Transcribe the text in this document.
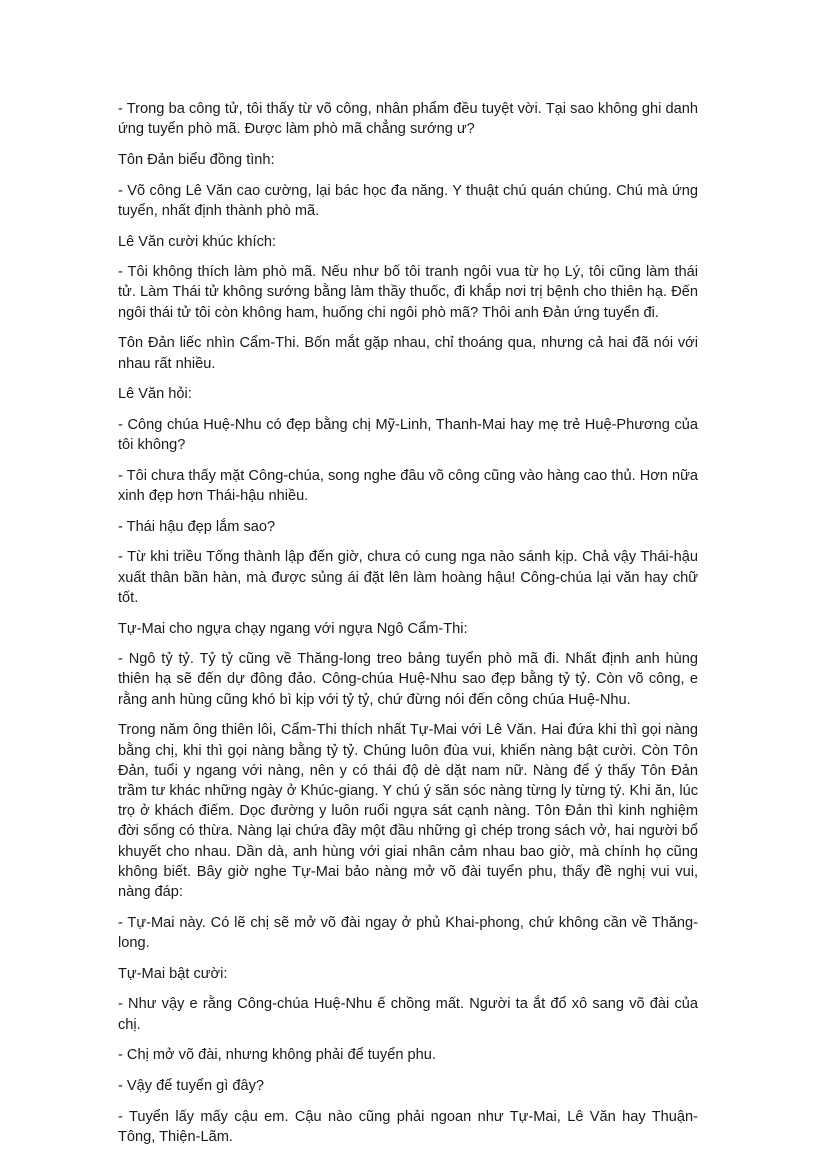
- Trong ba công tử, tôi thấy từ võ công, nhân phẩm đều tuyệt vời. Tại sao không ghi danh ứng tuyển phò mã. Được làm phò mã chẳng sướng ư?

Tôn Đản biểu đồng tình:

- Võ công Lê Văn cao cường, lại bác học đa năng. Y thuật chú quán chúng. Chú mà ứng tuyển, nhất định thành phò mã.

Lê Văn cười khúc khích:

- Tôi không thích làm phò mã. Nếu như bố tôi tranh ngôi vua từ họ Lý, tôi cũng làm thái tử. Làm Thái tử không sướng bằng làm thầy thuốc, đi khắp nơi trị bệnh cho thiên hạ. Đến ngôi thái tử tôi còn không ham, huống chi ngôi phò mã? Thôi anh Đản ứng tuyển đi.

Tôn Đản liếc nhìn Cẩm-Thi. Bốn mắt gặp nhau, chỉ thoáng qua, nhưng cả hai đã nói với nhau rất nhiều.

Lê Văn hỏi:

- Công chúa Huệ-Nhu có đẹp bằng chị Mỹ-Linh, Thanh-Mai hay mẹ trẻ Huệ-Phương của tôi không?

- Tôi chưa thấy mặt Công-chúa, song nghe đâu võ công cũng vào hàng cao thủ. Hơn nữa xinh đẹp hơn Thái-hậu nhiều.

- Thái hậu đẹp lắm sao?

- Từ khi triều Tống thành lập đến giờ, chưa có cung nga nào sánh kịp. Chả vậy Thái-hậu xuất thân bần hàn, mà được sủng ái đặt lên làm hoàng hậu! Công-chúa lại văn hay chữ tốt.

Tự-Mai cho ngựa chạy ngang với ngựa Ngô Cẩm-Thi:

- Ngô tỷ tỷ. Tỷ tỷ cũng về Thăng-long treo bảng tuyển phò mã đi. Nhất định anh hùng thiên hạ sẽ đến dự đông đảo. Công-chúa Huệ-Nhu sao đẹp bằng tỷ tỷ. Còn võ công, e rằng anh hùng cũng khó bì kịp với tỷ tỷ, chứ đừng nói đến công chúa Huệ-Nhu.

Trong năm ông thiên lôi, Cẩm-Thi thích nhất Tự-Mai với Lê Văn. Hai đứa khi thì gọi nàng bằng chị, khi thì gọi nàng bằng tỷ tỷ. Chúng luôn đùa vui, khiến nàng bật cười. Còn Tôn Đản, tuổi y ngang với nàng, nên y có thái độ dè dặt nam nữ. Nàng để ý thấy Tôn Đản trầm tư khác những ngày ở Khúc-giang. Y chú ý săn sóc nàng từng ly từng tý. Khi ăn, lúc trọ ở khách điếm. Dọc đường y luôn ruổi ngựa sát cạnh nàng. Tôn Đản thì kinh nghiệm đời sống có thừa. Nàng lại chứa đầy một đầu những gì chép trong sách vở, hai người bổ khuyết cho nhau. Dần dà, anh hùng với giai nhân cảm nhau bao giờ, mà chính họ cũng không biết. Bây giờ nghe Tự-Mai bảo nàng mở võ đài tuyển phu, thấy đề nghị vui vui, nàng đáp:

- Tự-Mai này. Có lẽ chị sẽ mở võ đài ngay ở phủ Khai-phong, chứ không cần về Thăng-long.

Tự-Mai bật cười:

- Như vậy e rằng Công-chúa Huệ-Nhu ế chồng mất. Người ta ắt đổ xô sang võ đài của chị.

- Chị mở võ đài, nhưng không phải để tuyển phu.

- Vậy để tuyển gì đây?

- Tuyển lấy mấy cậu em. Cậu nào cũng phải ngoan như Tự-Mai, Lê Văn hay Thuận-Tông, Thiện-Lãm.
